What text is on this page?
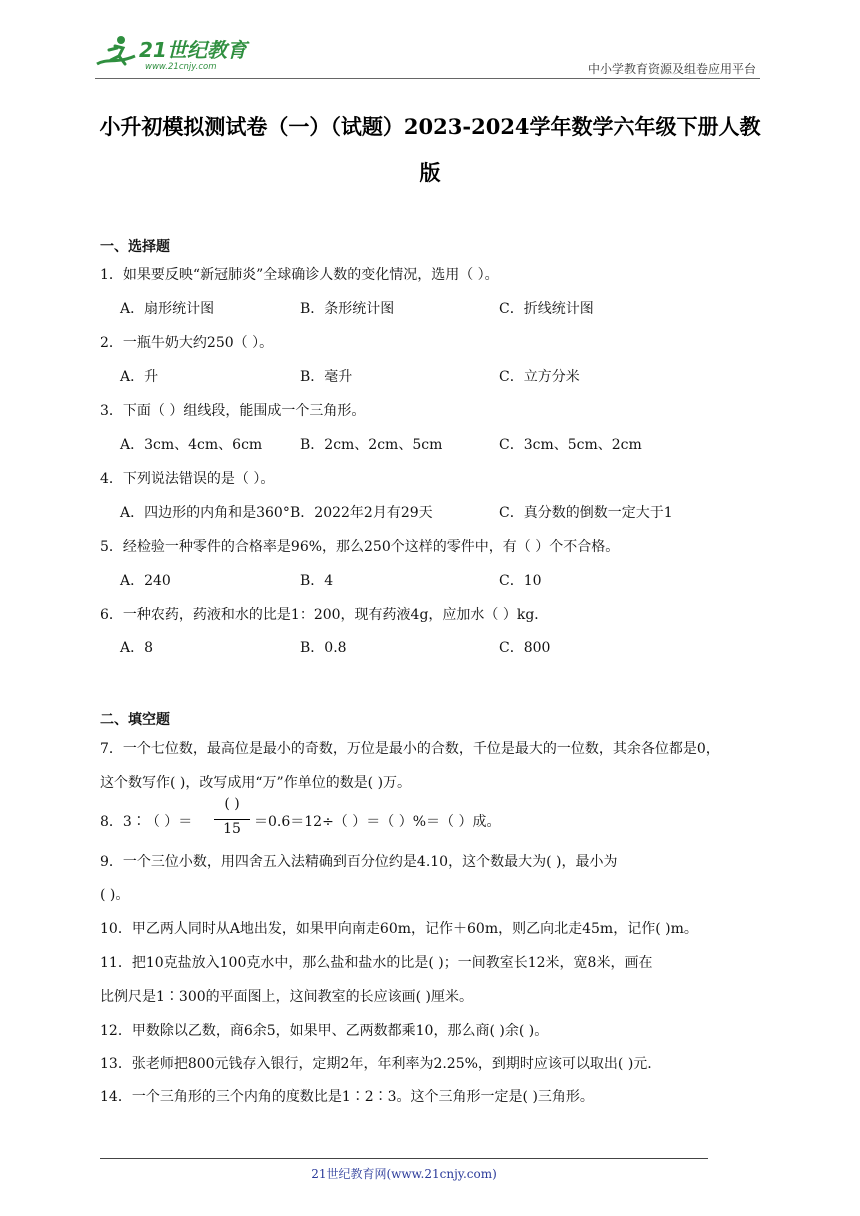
21世纪教育
www.21cnjy.com	中小学教育资源及组卷应用平台
小升初模拟测试卷（一）（试题）2023-2024学年数学六年级下册人教
版
一、选择题
1．如果要反映“新冠肺炎”全球确诊人数的变化情况，选用（ ）。
A．扇形统计图	B．条形统计图	C．折线统计图
2．一瓶牛奶大约250（ ）。
A．升	B．毫升	C．立方分米
3．下面（ ）组线段，能围成一个三角形。
A．3cm、4cm、6cm	B．2cm、2cm、5cm	C．3cm、5cm、2cm
4．下列说法错误的是（ ）。
A．四边形的内角和是360° B．2022年2月有29天	C．真分数的倒数一定大于1
5．经检验一种零件的合格率是96%，那么250个这样的零件中，有（ ）个不合格。
A．240	B．4	C．10
6．一种农药，药液和水的比是1：200，现有药液4g，应加水（ ）kg．
A．8	B．0.8	C．800
二、填空题
7．一个七位数，最高位是最小的奇数，万位是最小的合数，千位是最大的一位数，其余各位都是0，
这个数写作( )，改写成用“万”作单位的数是( )万。
8．3∶（ ）＝
( )
15 ＝0.6＝12÷（ ）＝（ ）%＝（ ）成。
9．一个三位小数，用四舍五入法精确到百分位约是4.10，这个数最大为( )，最小为
( )。
10．甲乙两人同时从A地出发，如果甲向南走60m，记作＋60m，则乙向北走45m，记作( )m。
11．把10克盐放入100克水中，那么盐和盐水的比是( )；一间教室长12米，宽8米，画在
比例尺是1∶300的平面图上，这间教室的长应该画( )厘米。
12．甲数除以乙数，商6余5，如果甲、乙两数都乘10，那么商( )余( )。
13．张老师把800元钱存入银行，定期2年，年利率为2.25%，到期时应该可以取出( )元.
14．一个三角形的三个内角的度数比是1∶2∶3。这个三角形一定是( )三角形。
21世纪教育网(www.21cnjy.com)
